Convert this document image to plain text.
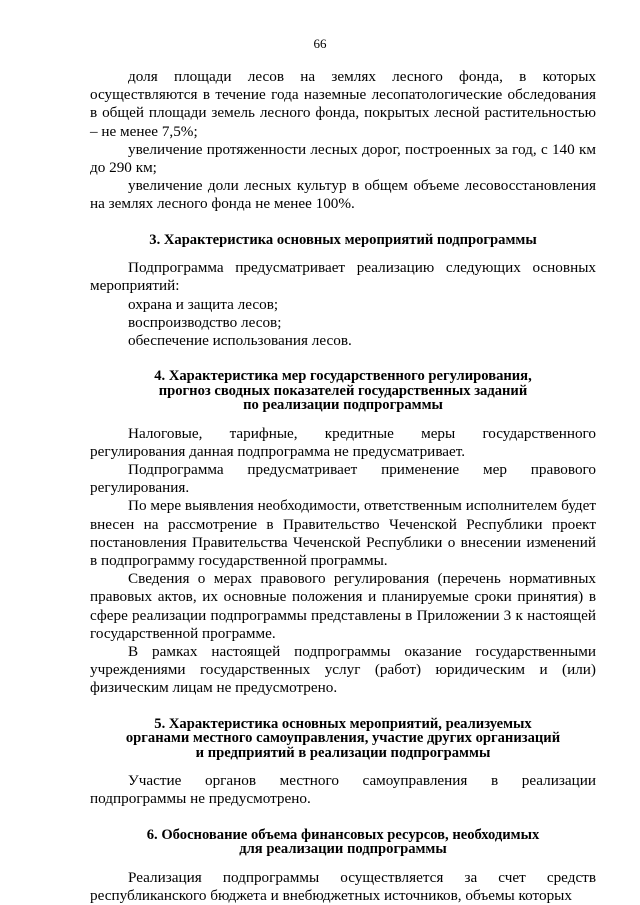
66

доля площади лесов на землях лесного фонда, в которых осуществляются в течение года наземные лесопатологические обследования в общей площади земель лесного фонда, покрытых лесной растительностью – не менее 7,5%;

увеличение протяженности лесных дорог, построенных за год, с 140 км до 290 км;

увеличение доли лесных культур в общем объеме лесовосстановления на землях лесного фонда не менее 100%.

3. Характеристика основных мероприятий подпрограммы

Подпрограмма предусматривает реализацию следующих основных мероприятий:

охрана и защита лесов;

воспроизводство лесов;

обеспечение использования лесов.

4. Характеристика мер государственного регулирования,
прогноз сводных показателей государственных заданий
по реализации подпрограммы

Налоговые, тарифные, кредитные меры государственного регулирования данная подпрограмма не предусматривает.

Подпрограмма предусматривает применение мер правового регулирования.

По мере выявления необходимости, ответственным исполнителем будет внесен на рассмотрение в Правительство Чеченской Республики проект постановления Правительства Чеченской Республики о внесении изменений в подпрограмму государственной программы.

Сведения о мерах правового регулирования (перечень нормативных правовых актов, их основные положения и планируемые сроки принятия) в сфере реализации подпрограммы представлены в Приложении 3 к настоящей государственной программе.

В рамках настоящей подпрограммы оказание государственными учреждениями государственных услуг (работ) юридическим и (или) физическим лицам не предусмотрено.

5. Характеристика основных мероприятий, реализуемых
органами местного самоуправления, участие других организаций
и предприятий в реализации подпрограммы

Участие органов местного самоуправления в реализации подпрограммы не предусмотрено.

6. Обоснование объема финансовых ресурсов, необходимых
для реализации подпрограммы

Реализация подпрограммы осуществляется за счет средств республиканского бюджета и внебюджетных источников, объемы которых
